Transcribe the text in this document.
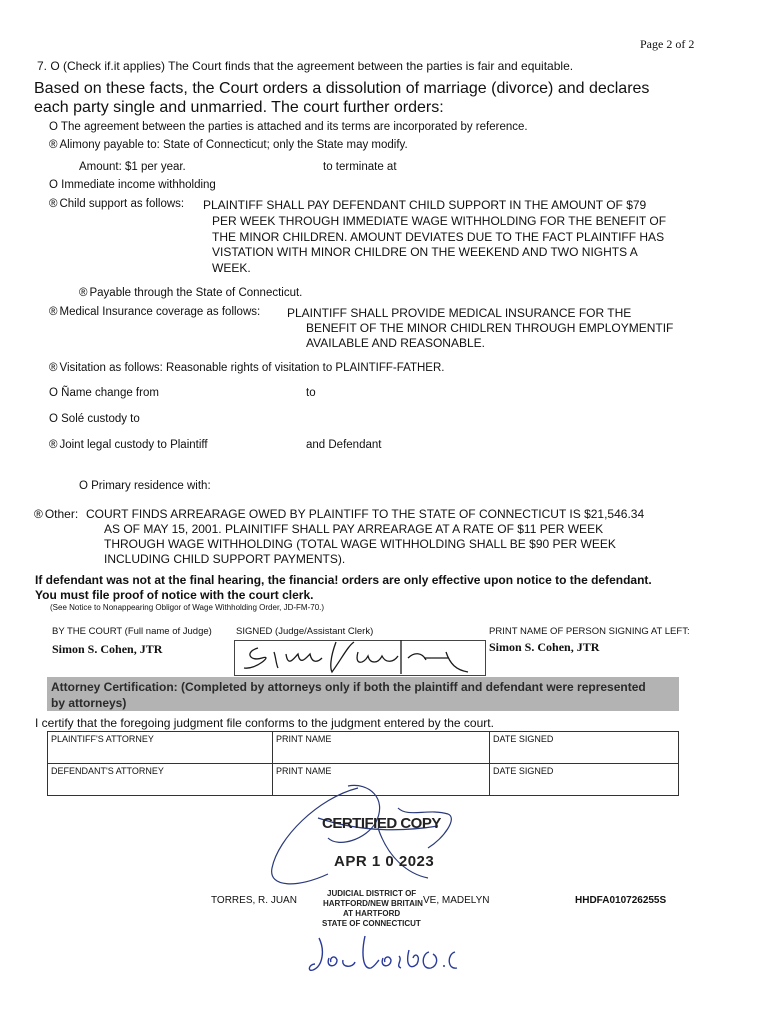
Page 2 of 2
7. O (Check if.it applies) The Court finds that the agreement between the parties is fair and equitable.
Based on these facts, the Court orders a dissolution of marriage (divorce) and declares
each party single and unmarried. The court further orders:
O The agreement between the parties is attached and its terms are incorporated by reference.
® Alimony payable to: State of Connecticut; only the State may modify.
Amount: $1 per year.	to terminate at
O Immediate income withholding
® Child support as follows: PLAINTIFF SHALL PAY DEFENDANT CHILD SUPPORT IN THE AMOUNT OF $79
PER WEEK THROUGH IMMEDIATE WAGE WITHHOLDING FOR THE BENEFIT OF
THE MINOR CHILDREN. AMOUNT DEVIATES DUE TO THE FACT PLAINTIFF HAS
VISTATION WITH MINOR CHILDRE ON THE WEEKEND AND TWO NIGHTS A
WEEK.
® Payable through the State of Connecticut.
® Medical Insurance coverage as follows: PLAINTIFF SHALL PROVIDE MEDICAL INSURANCE FOR THE
BENEFIT OF THE MINOR CHIDLREN THROUGH EMPLOYMENTIF
AVAILABLE AND REASONABLE.
® Visitation as follows: Reasonable rights of visitation to PLAINTIFF-FATHER.
O Ñame change from	to
O Solé custody to
® Joint legal custody to Plaintiff	and Defendant
O Primary residence with:
® Other: COURT FINDS ARREARAGE OWED BY PLAINTIFF TO THE STATE OF CONNECTICUT IS $21,546.34
AS OF MAY 15, 2001. PLAINITIFF SHALL PAY ARREARAGE AT A RATE OF $11 PER WEEK
THROUGH WAGE WITHHOLDING (TOTAL WAGE WITHHOLDING SHALL BE $90 PER WEEK
INCLUDING CHILD SUPPORT PAYMENTS).
If defendant was not at the final hearing, the financia! orders are only effective upon notice to the defendant.
You must file proof of notice with the court clerk.
(See Notice to Nonappearing Obligor of Wage Withholding Order, JD-FM-70.)
BY THE COURT (Full name of Judge)	SIGNED (Judge/Assistant Clerk)	PRINT NAME OF PERSON SIGNING AT LEFT:
Simon S. Cohen, JTR	Simon S. Cohen, JTR
Attorney Certification: (Completed by attorneys only if both the plaintiff and defendant were represented
by attorneys)
I certify that the foregoing judgment file conforms to the judgment entered by the court.
PLAINTIFF'S ATTORNEY	PRINT NAME	DATE SIGNED
DEFENDANT'S ATTORNEY	PRINT NAME	DATE SIGNED
CERTIFIED COPY
APR 1 0 2023
JUDICIAL DISTRICT OF
HARTFORD/NEW BRITAIN
AT HARTFORD
STATE OF CONNECTICUT
TORRES, R. JUAN	VE, MADELYN	HHDFA010726255S
